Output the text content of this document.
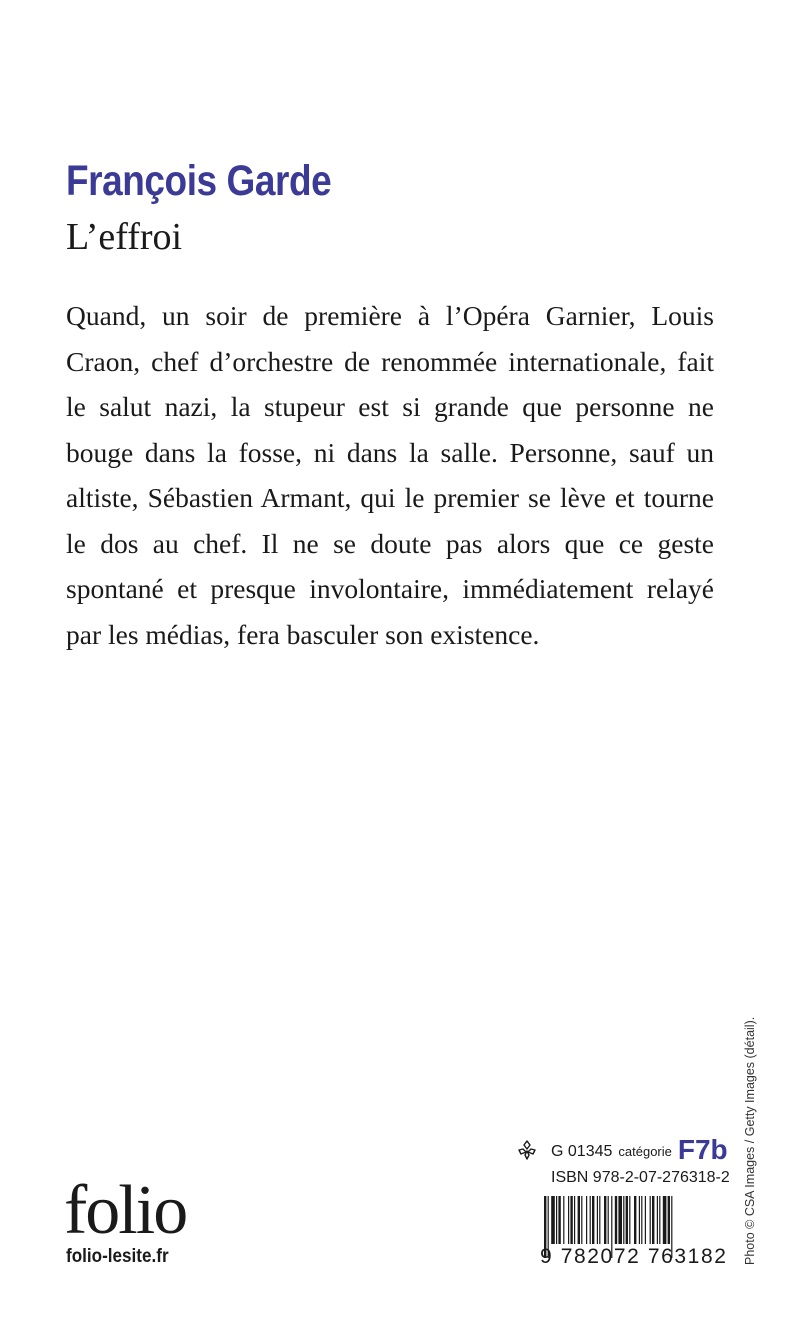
François Garde
L’effroi

Quand, un soir de première à l’Opéra Garnier, Louis Craon, chef d’orchestre de renommée internationale, fait le salut nazi, la stupeur est si grande que personne ne bouge dans la fosse, ni dans la salle. Personne, sauf un altiste, Sébastien Armant, qui le premier se lève et tourne le dos au chef. Il ne se doute pas alors que ce geste spontané et presque involontaire, immédiatement relayé par les médias, fera basculer son existence.

Photo © CSA Images / Getty Images (détail).
G 01345 catégorie F7b
ISBN 978-2-07-276318-2
9 782072 763182
folio
folio-lesite.fr
